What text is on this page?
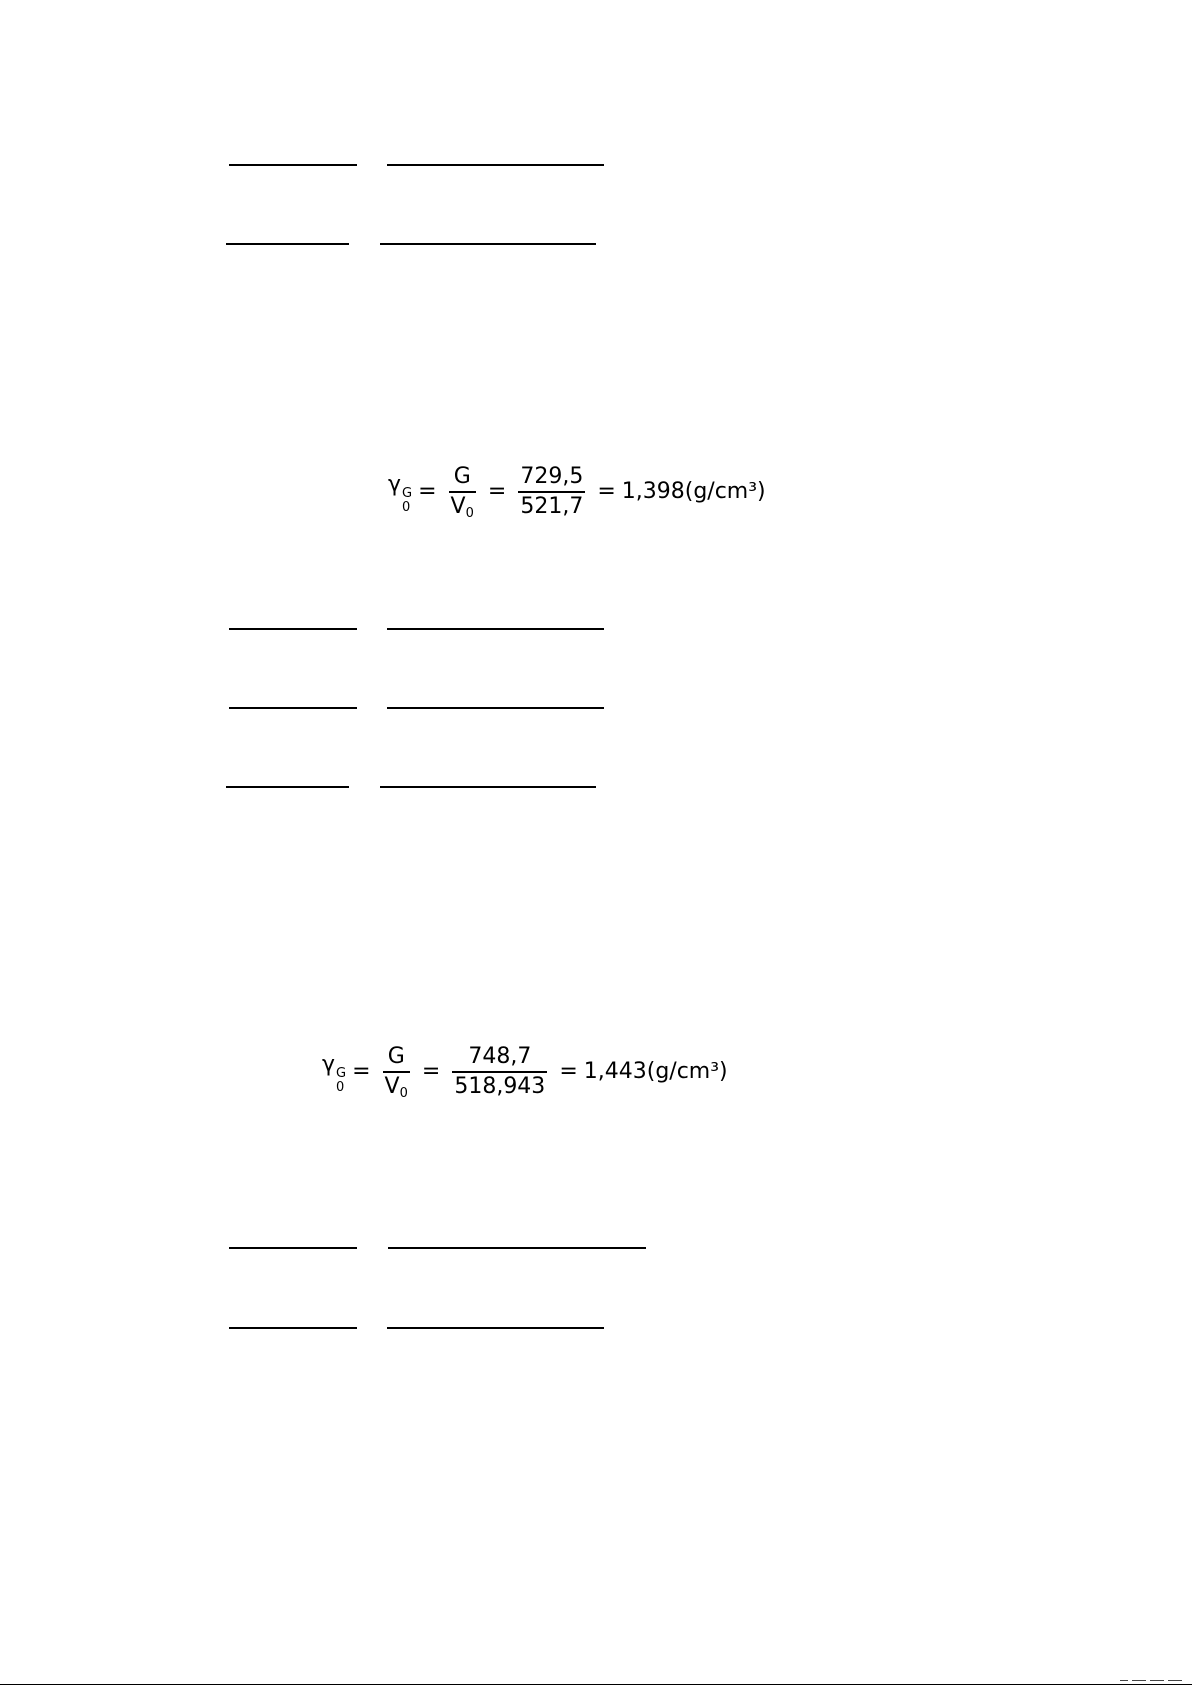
γ G
0
= $\frac{G}{V 0} = \frac{729,5}{521,7} = 1,398(g/cm^3)$
γ G
0
= $\frac{G}{V 0} = \frac{748,7}{518,943} = 1,443(g/cm^3)$
